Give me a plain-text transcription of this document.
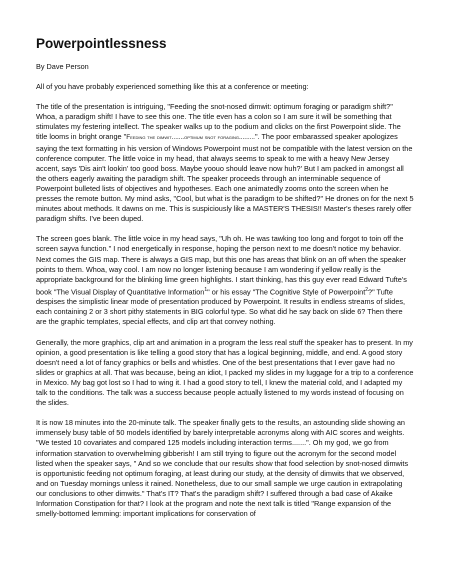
Powerpointlessness

By Dave Person

All of you have probably experienced something like this at a conference or meeting:

The title of the presentation is intriguing, "Feeding the snot-nosed dimwit: optimum foraging or paradigm shift?" Whoa, a paradigm shift! I have to see this one. The title even has a colon so I am sure it will be something that stimulates my festering intellect. The speaker walks up to the podium and clicks on the first Powerpoint slide. The title looms in bright orange "Feeding the dimwit.......optimum snot foraging.........". The poor embarassed speaker apologizes saying the text formatting in his version of Windows Powerpoint must not be compatible with the latest version on the conference computer. The little voice in my head, that always seems to speak to me with a heavy New Jersey accent, says 'Dis ain't lookin' too good boss. Maybe yoouo should leave now huh?' But I am packed in amongst all the others eagerly awaiting the paradigm shift. The speaker proceeds through an interminable sequence of Powerpoint bulleted lists of objectives and hypotheses. Each one animatedly zooms onto the screen when he presses the remote button. My mind asks, "Cool, but what is the paradigm to be shifted?" He drones on for the next 5 minutes about methods. It dawns on me. This is suspiciously like a MASTER'S THESIS!! Master's theses rarely offer paradigm shifts. I've been duped.

The screen goes blank. The little voice in my head says, "Uh oh. He was tawking too long and forgot to toin off the screen sayva function." I nod energetically in response, hoping the person next to me doesn't notice my behavior. Next comes the GIS map. There is always a GIS map, but this one has areas that blink on an off when the speaker points to them. Whoa, way cool. I am now no longer listening because I am wondering if yellow really is the appropriate background for the blinking lime green highlights. I start thinking, has this guy ever read Edward Tufte's book "The Visual Display of Quantitative Information$^1$" or his essay "The Cognitive Style of Powerpoint$^2$?" Tufte despises the simplistic linear mode of presentation produced by Powerpoint. It results in endless streams of slides, each containing 2 or 3 short pithy statements in BIG colorful type. So what did he say back on slide 6? Then there are the graphic templates, special effects, and clip art that convey nothing.

Generally, the more graphics, clip art and animation in a program the less real stuff the speaker has to present. In my opinion, a good presentation is like telling a good story that has a logical beginning, middle, and end. A good story doesn't need a lot of fancy graphics or bells and whistles. One of the best presentations that I ever gave had no slides or graphics at all. That was because, being an idiot, I packed my slides in my luggage for a trip to a conference in Mexico. My bag got lost so I had to wing it. I had a good story to tell, I knew the material cold, and I adapted my talk to the conditions. The talk was a success because people actually listened to my words instead of focusing on the slides.

It is now 18 minutes into the 20-minute talk. The speaker finally gets to the results, an astounding slide showing an immensely busy table of 50 models identified by barely interpretable acronyms along with AIC scores and weights. "We tested 10 covariates and compared 125 models including interaction terms.......". Oh my god, we go from information starvation to overwhelming gibberish! I am still trying to figure out the acronym for the second model listed when the speaker says, " And so we conclude that our results show that food selection by snot-nosed dimwits is opportunistic feeding not optimum foraging, at least during our study, at the density of dimwits that we observed, and on Tuesday mornings unless it rained. Nonetheless, due to our small sample we urge caution in extrapolating our conclusions to other dimwits." That's IT? That's the paradigm shift? I suffered through a bad case of Akaike Information Constipation for that? I look at the program and note the next talk is titled "Range expansion of the smelly-bottomed lemming: important implications for conservation of
